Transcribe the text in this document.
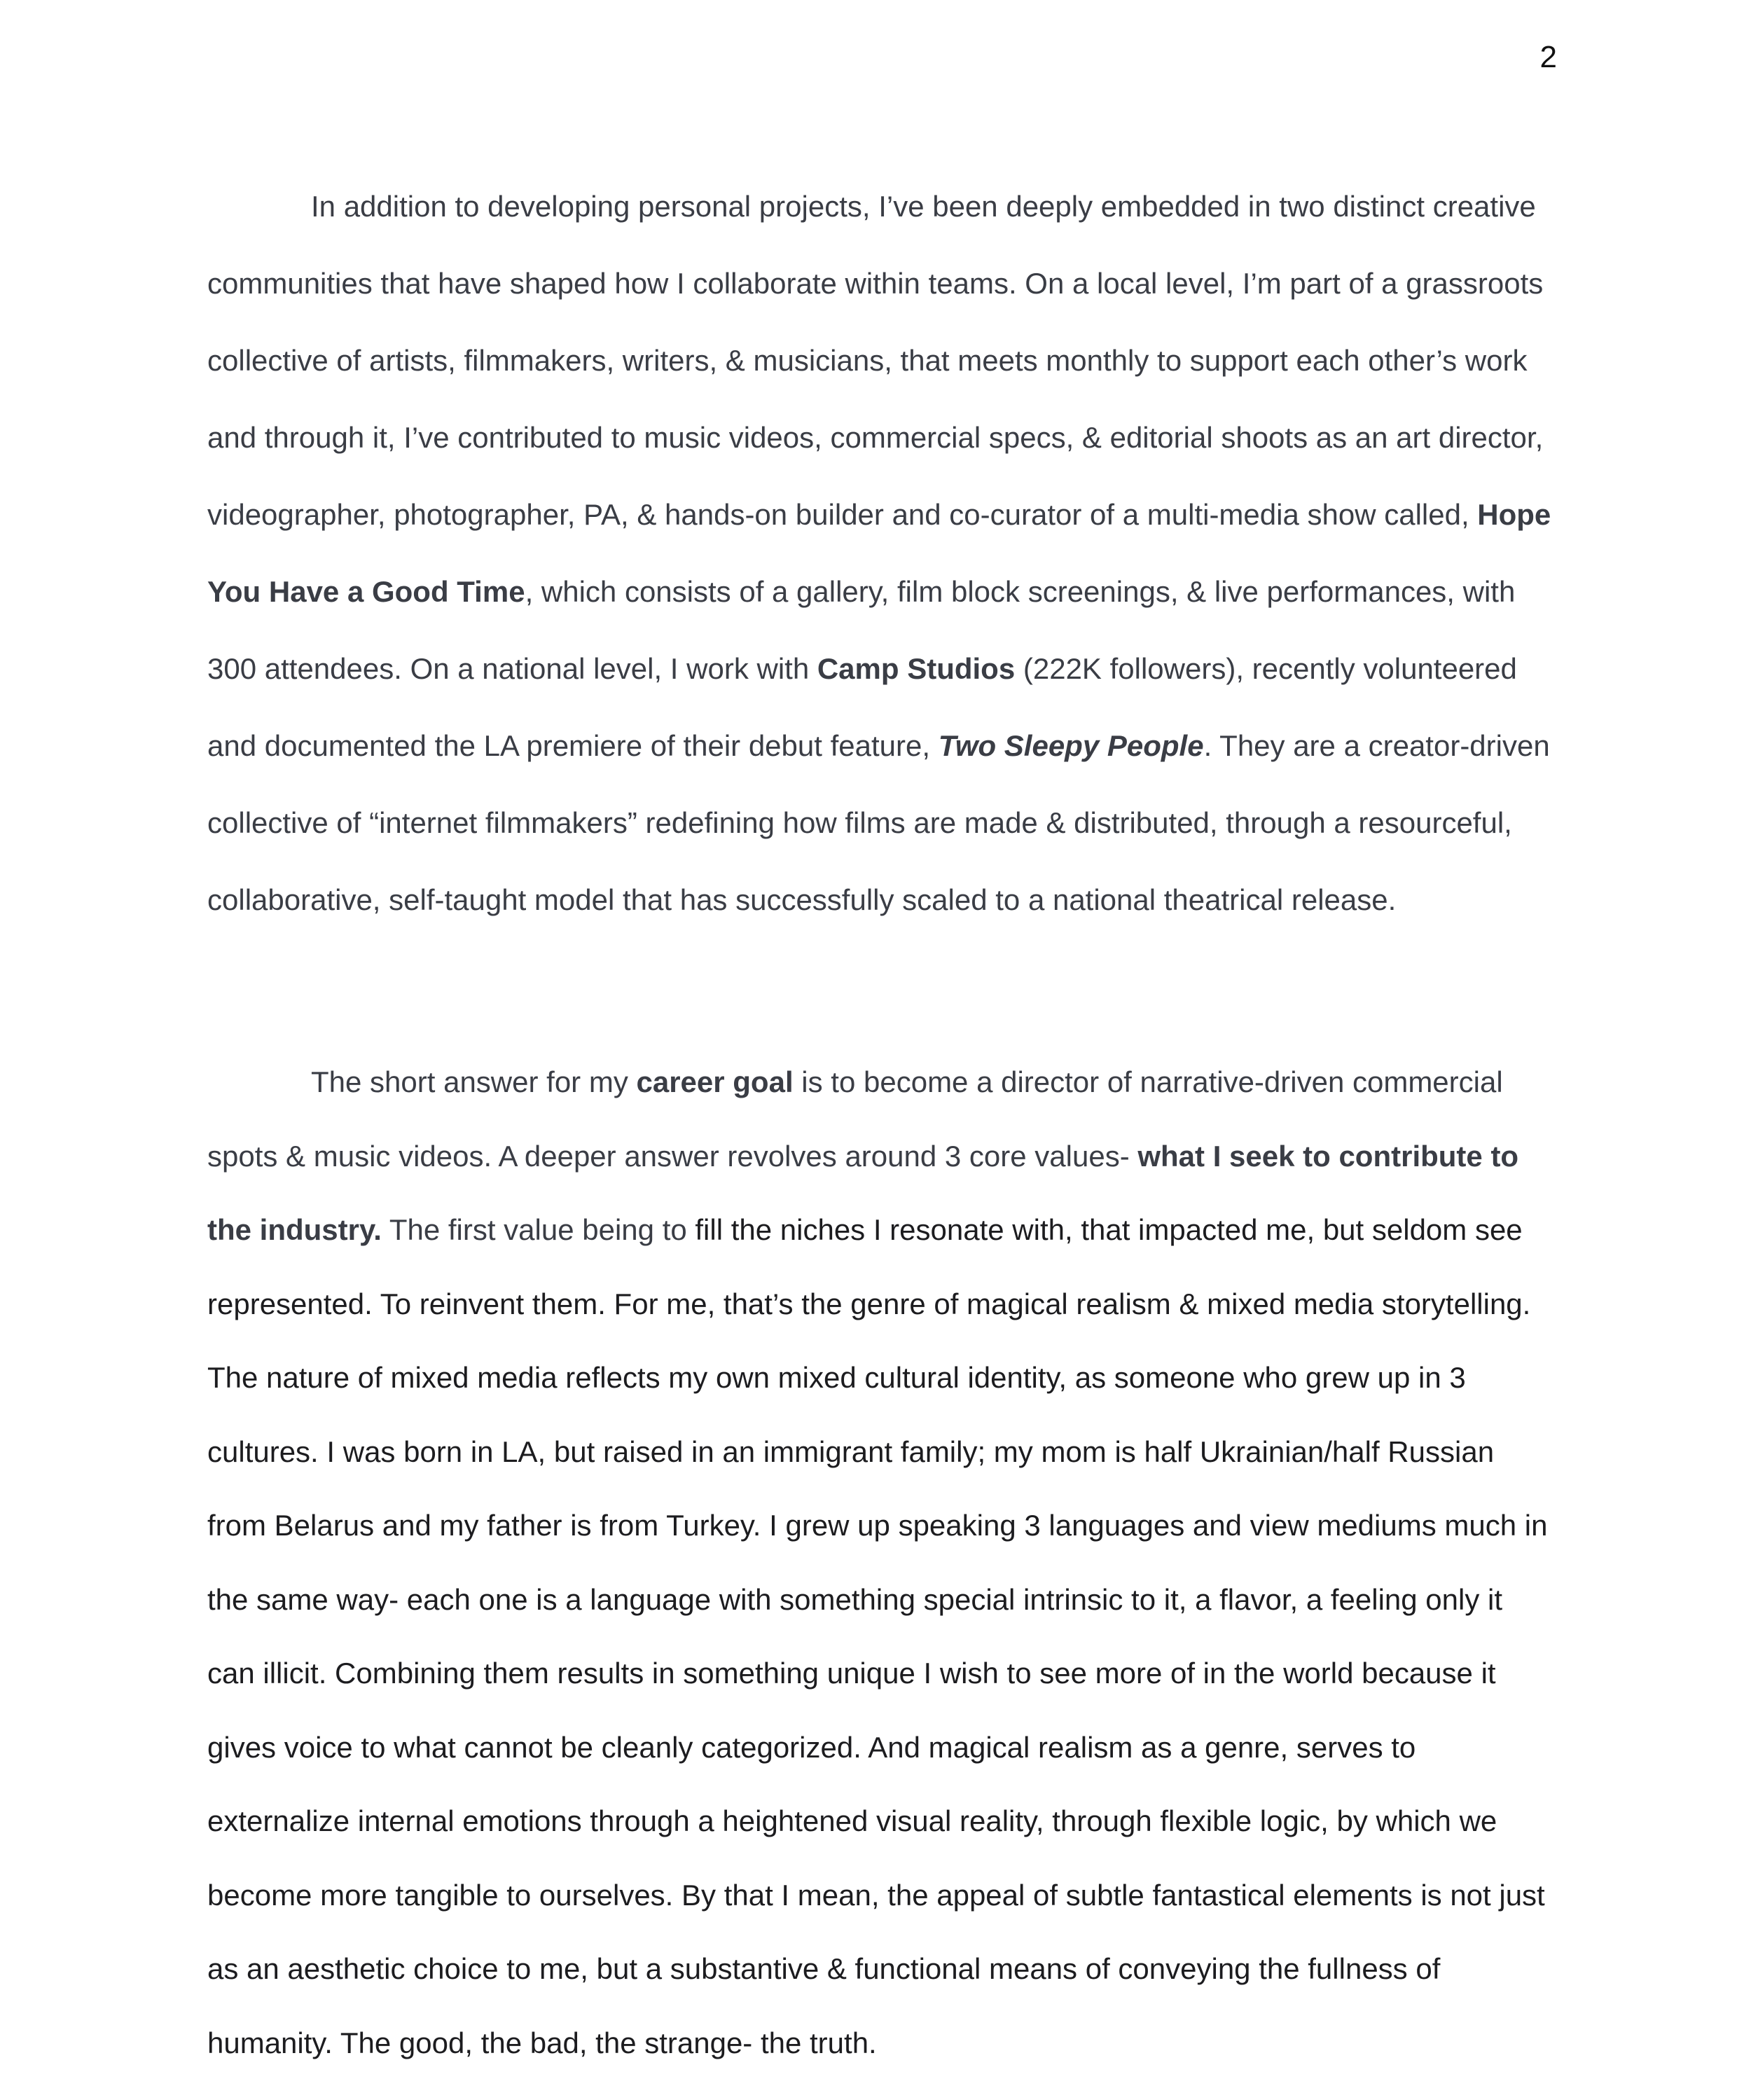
2

In addition to developing personal projects, I’ve been deeply embedded in two distinct creative communities that have shaped how I collaborate within teams. On a local level, I’m part of a grassroots collective of artists, filmmakers, writers, & musicians, that meets monthly to support each other’s work and through it, I’ve contributed to music videos, commercial specs, & editorial shoots as an art director, videographer, photographer, PA, & hands-on builder and co-curator of a multi-media show called, Hope You Have a Good Time, which consists of a gallery, film block screenings, & live performances, with 300 attendees. On a national level, I work with Camp Studios (222K followers), recently volunteered and documented the LA premiere of their debut feature, Two Sleepy People. They are a creator-driven collective of “internet filmmakers” redefining how films are made & distributed, through a resourceful, collaborative, self-taught model that has successfully scaled to a national theatrical release.

The short answer for my career goal is to become a director of narrative-driven commercial spots & music videos. A deeper answer revolves around 3 core values- what I seek to contribute to the industry. The first value being to fill the niches I resonate with, that impacted me, but seldom see represented. To reinvent them. For me, that’s the genre of magical realism & mixed media storytelling. The nature of mixed media reflects my own mixed cultural identity, as someone who grew up in 3 cultures. I was born in LA, but raised in an immigrant family; my mom is half Ukrainian/half Russian from Belarus and my father is from Turkey. I grew up speaking 3 languages and view mediums much in the same way- each one is a language with something special intrinsic to it, a flavor, a feeling only it can illicit. Combining them results in something unique I wish to see more of in the world because it gives voice to what cannot be cleanly categorized. And magical realism as a genre, serves to externalize internal emotions through a heightened visual reality, through flexible logic, by which we become more tangible to ourselves. By that I mean, the appeal of subtle fantastical elements is not just as an aesthetic choice to me, but a substantive & functional means of conveying the fullness of humanity. The good, the bad, the strange- the truth.
